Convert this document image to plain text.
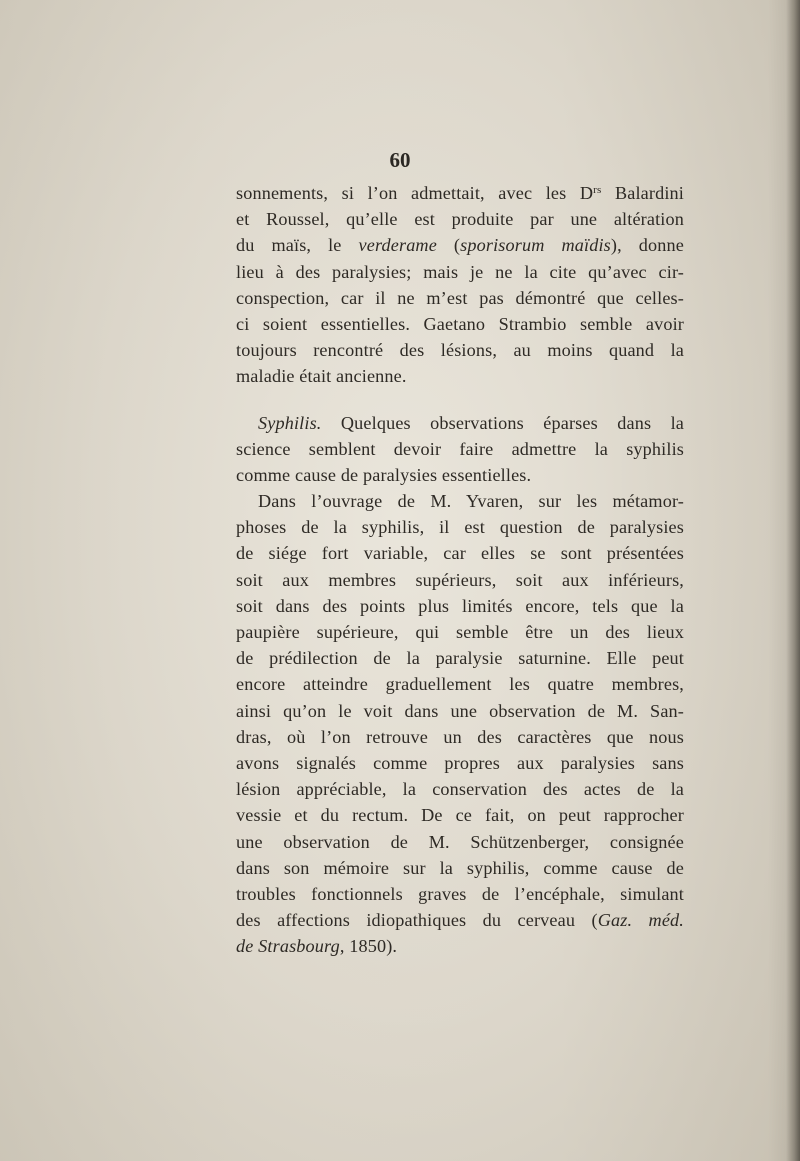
60
sonnements, si l’on admettait, avec les $D^{rs}$ Balardini
et Roussel, qu’elle est produite par une altération
du maïs, le verderame (sporisorum maïdis), donne
lieu à des paralysies; mais je ne la cite qu’avec cir-
conspection, car il ne m’est pas démontré que celles-
ci soient essentielles. Gaetano Strambio semble avoir
toujours rencontré des lésions, au moins quand la
maladie était ancienne.
Syphilis. Quelques observations éparses dans la
science semblent devoir faire admettre la syphilis
comme cause de paralysies essentielles.
Dans l’ouvrage de M. Yvaren, sur les métamor-
phoses de la syphilis, il est question de paralysies
de siége fort variable, car elles se sont présentées
soit aux membres supérieurs, soit aux inférieurs,
soit dans des points plus limités encore, tels que la
paupière supérieure, qui semble être un des lieux
de prédilection de la paralysie saturnine. Elle peut
encore atteindre graduellement les quatre membres,
ainsi qu’on le voit dans une observation de M. San-
dras, où l’on retrouve un des caractères que nous
avons signalés comme propres aux paralysies sans
lésion appréciable, la conservation des actes de la
vessie et du rectum. De ce fait, on peut rapprocher
une observation de M. Schützenberger, consignée
dans son mémoire sur la syphilis, comme cause de
troubles fonctionnels graves de l’encéphale, simulant
des affections idiopathiques du cerveau (Gaz. méd.
de Strasbourg, 1850).
